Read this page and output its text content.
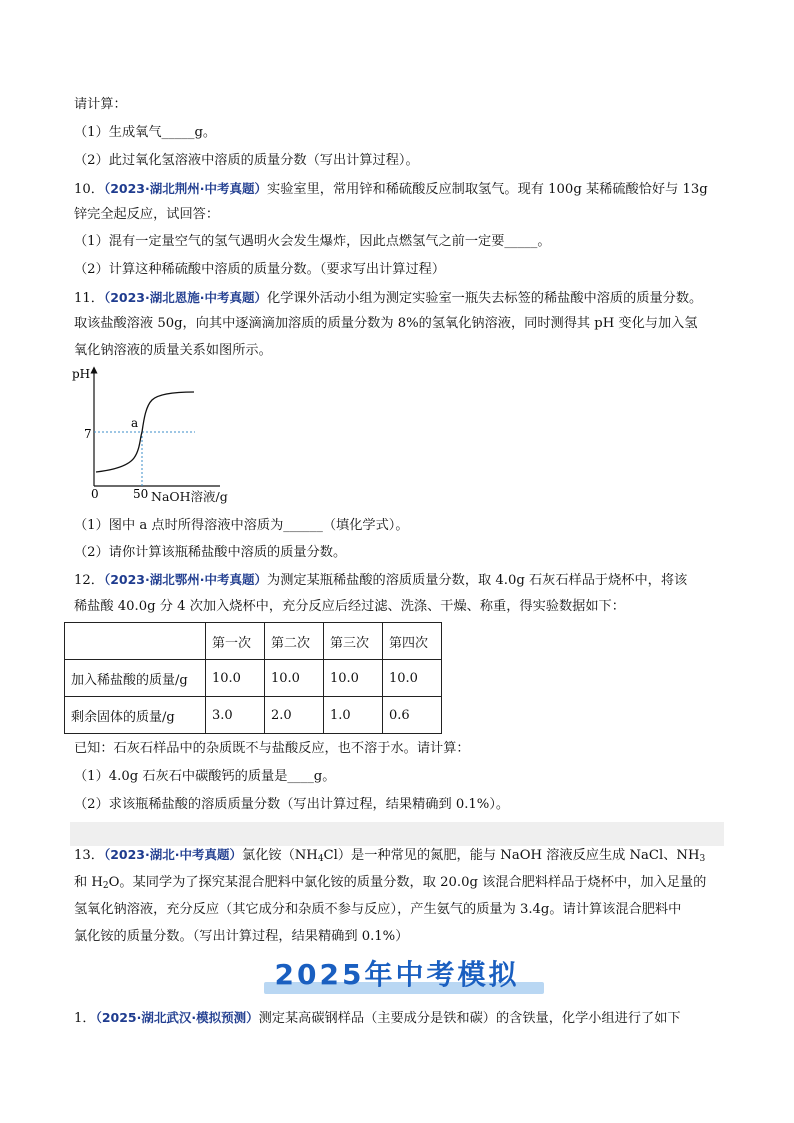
请计算：
（1）生成氧气_____g。
（2）此过氧化氢溶液中溶质的质量分数（写出计算过程）。
10．（2023·湖北荆州·中考真题）实验室里，常用锌和稀硫酸反应制取氢气。现有 100g 某稀硫酸恰好与 13g
锌完全起反应，试回答：
（1）混有一定量空气的氢气遇明火会发生爆炸，因此点燃氢气之前一定要_____。
（2）计算这种稀硫酸中溶质的质量分数。（要求写出计算过程）
11．（2023·湖北恩施·中考真题）化学课外活动小组为测定实验室一瓶失去标签的稀盐酸中溶质的质量分数。
取该盐酸溶液 50g，向其中逐滴滴加溶质的质量分数为 8%的氢氧化钠溶液，同时测得其 pH 变化与加入氢
氧化钠溶液的质量关系如图所示。
pH
7
0	50
a
NaOH溶液/g
（1）图中 a 点时所得溶液中溶质为______（填化学式）。
（2）请你计算该瓶稀盐酸中溶质的质量分数。
12．（2023·湖北鄂州·中考真题）为测定某瓶稀盐酸的溶质质量分数，取 4.0g 石灰石样品于烧杯中，将该
稀盐酸 40.0g 分 4 次加入烧杯中，充分反应后经过滤、洗涤、干燥、称重，得实验数据如下：
	第一次	第二次	第三次	第四次
加入稀盐酸的质量/g	10.0	10.0	10.0	10.0
剩余固体的质量/g	3.0	2.0	1.0	0.6
已知：石灰石样品中的杂质既不与盐酸反应，也不溶于水。请计算：
（1）4.0g 石灰石中碳酸钙的质量是____g。
（2）求该瓶稀盐酸的溶质质量分数（写出计算过程，结果精确到 0.1%）。
13．（2023·湖北·中考真题）氯化铵$(NH_4Cl)$是一种常见的氮肥，能与 NaOH 溶液反应生成 NaCl、$NH_3$
和 $H_2O$。某同学为了探究某混合肥料中氯化铵的质量分数，取 20.0g 该混合肥料样品于烧杯中，加入足量的
氢氧化钠溶液，充分反应（其它成分和杂质不参与反应），产生氨气的质量为 3.4g。请计算该混合肥料中
氯化铵的质量分数。（写出计算过程，结果精确到 0.1%）
2025年中考模拟
1．（2025·湖北武汉·模拟预测）测定某高碳钢样品（主要成分是铁和碳）的含铁量，化学小组进行了如下
